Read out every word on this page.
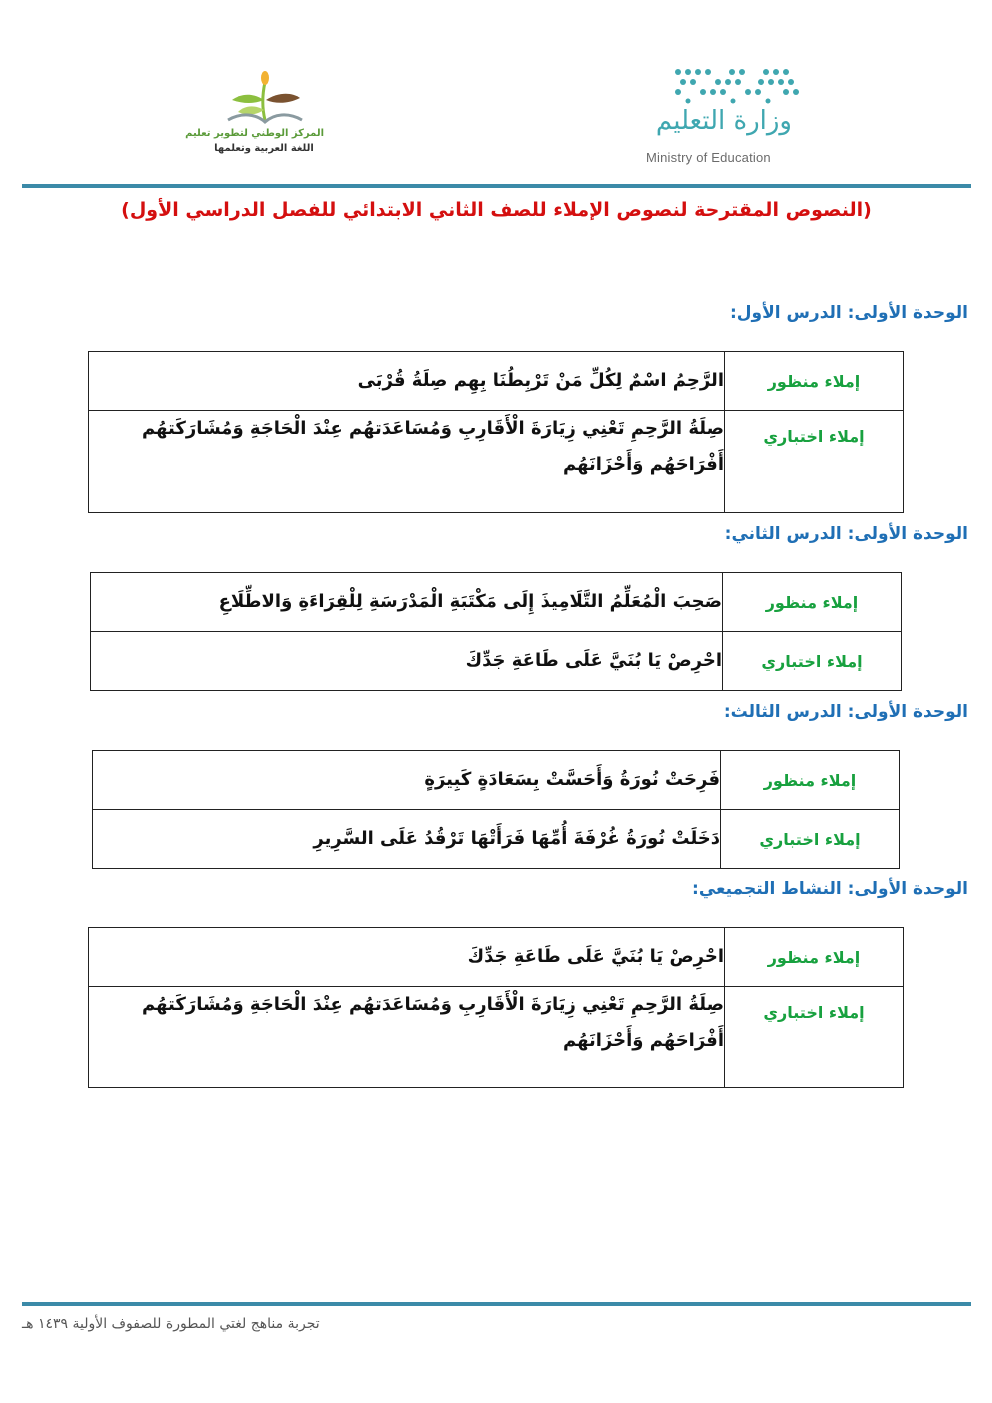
وزارة التعليم
Ministry of Education
المركز الوطني لتطوير تعليم
اللغة العربية وتعلمها
(النصوص المقترحة لنصوص الإملاء للصف الثاني الابتدائي للفصل الدراسي الأول)
الوحدة الأولى: الدرس الأول:
إملاء منظور	الرَّحِمُ اسْمٌ لِكُلِّ مَنْ تَرْبِطُنَا بِهِم صِلَةُ قُرْبَى
إملاء اختباري	صِلَةُ الرَّحِمِ تَعْنِي زِيَارَةَ الْأَقَارِبِ وَمُسَاعَدَتهُم عِنْدَ الْحَاجَةِ وَمُشَارَكَتهُم أَفْرَاحَهُم وَأَحْزَانَهُم
الوحدة الأولى: الدرس الثاني:
إملاء منظور	صَحِبَ الْمُعَلِّمُ التَّلَامِيذَ إِلَى مَكْتَبَةِ الْمَدْرَسَةِ لِلْقِرَاءَةِ وَالاطِّلَاعِ
إملاء اختباري	احْرِصْ يَا بُنَيَّ عَلَى طَاعَةِ جَدِّكَ
الوحدة الأولى: الدرس الثالث:
إملاء منظور	فَرِحَتْ نُورَةُ وَأَحَسَّتْ بِسَعَادَةٍ كَبِيرَةٍ
إملاء اختباري	دَخَلَتْ نُورَةُ غُرْفَةَ أُمِّهَا فَرَأَتْهَا تَرْقُدُ عَلَى السَّرِيرِ
الوحدة الأولى: النشاط التجميعي:
إملاء منظور	احْرِصْ يَا بُنَيَّ عَلَى طَاعَةِ جَدِّكَ
إملاء اختباري	صِلَةُ الرَّحِمِ تَعْنِي زِيَارَةَ الْأَقَارِبِ وَمُسَاعَدَتهُم عِنْدَ الْحَاجَةِ وَمُشَارَكَتهُم أَفْرَاحَهُم وَأَحْزَانَهُم
تجربة مناهج لغتي المطورة للصفوف الأولية ١٤٣٩ هـ
